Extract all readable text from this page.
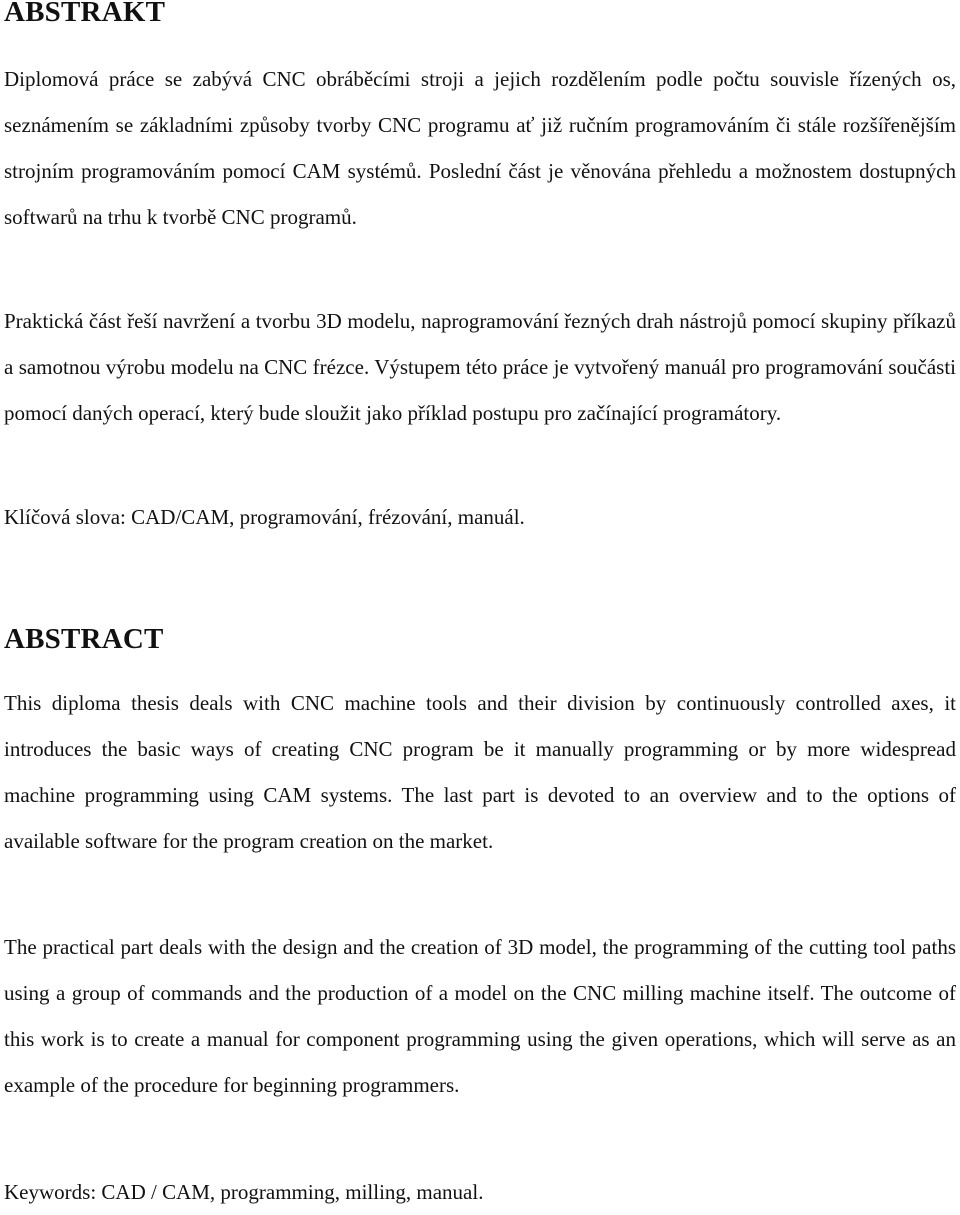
ABSTRAKT

Diplomová práce se zabývá CNC obráběcími stroji a jejich rozdělením podle počtu souvisle řízených os, seznámením se základními způsoby tvorby CNC programu ať již ručním programováním či stále rozšířenějším strojním programováním pomocí CAM systémů. Poslední část je věnována přehledu a možnostem dostupných softwarů na trhu k tvorbě CNC programů.

Praktická část řeší navržení a tvorbu 3D modelu, naprogramování řezných drah nástrojů pomocí skupiny příkazů a samotnou výrobu modelu na CNC frézce. Výstupem této práce je vytvořený manuál pro programování součásti pomocí daných operací, který bude sloužit jako příklad postupu pro začínající programátory.

Klíčová slova: CAD/CAM, programování, frézování, manuál.

ABSTRACT

This diploma thesis deals with CNC machine tools and their division by continuously controlled axes, it introduces the basic ways of creating CNC program be it manually programming or by more widespread machine programming using CAM systems. The last part is devoted to an overview and to the options of available software for the program creation on the market.

The practical part deals with the design and the creation of 3D model, the programming of the cutting tool paths using a group of commands and the production of a model on the CNC milling machine itself. The outcome of this work is to create a manual for component programming using the given operations, which will serve as an example of the procedure for beginning programmers.

Keywords: CAD / CAM, programming, milling, manual.
